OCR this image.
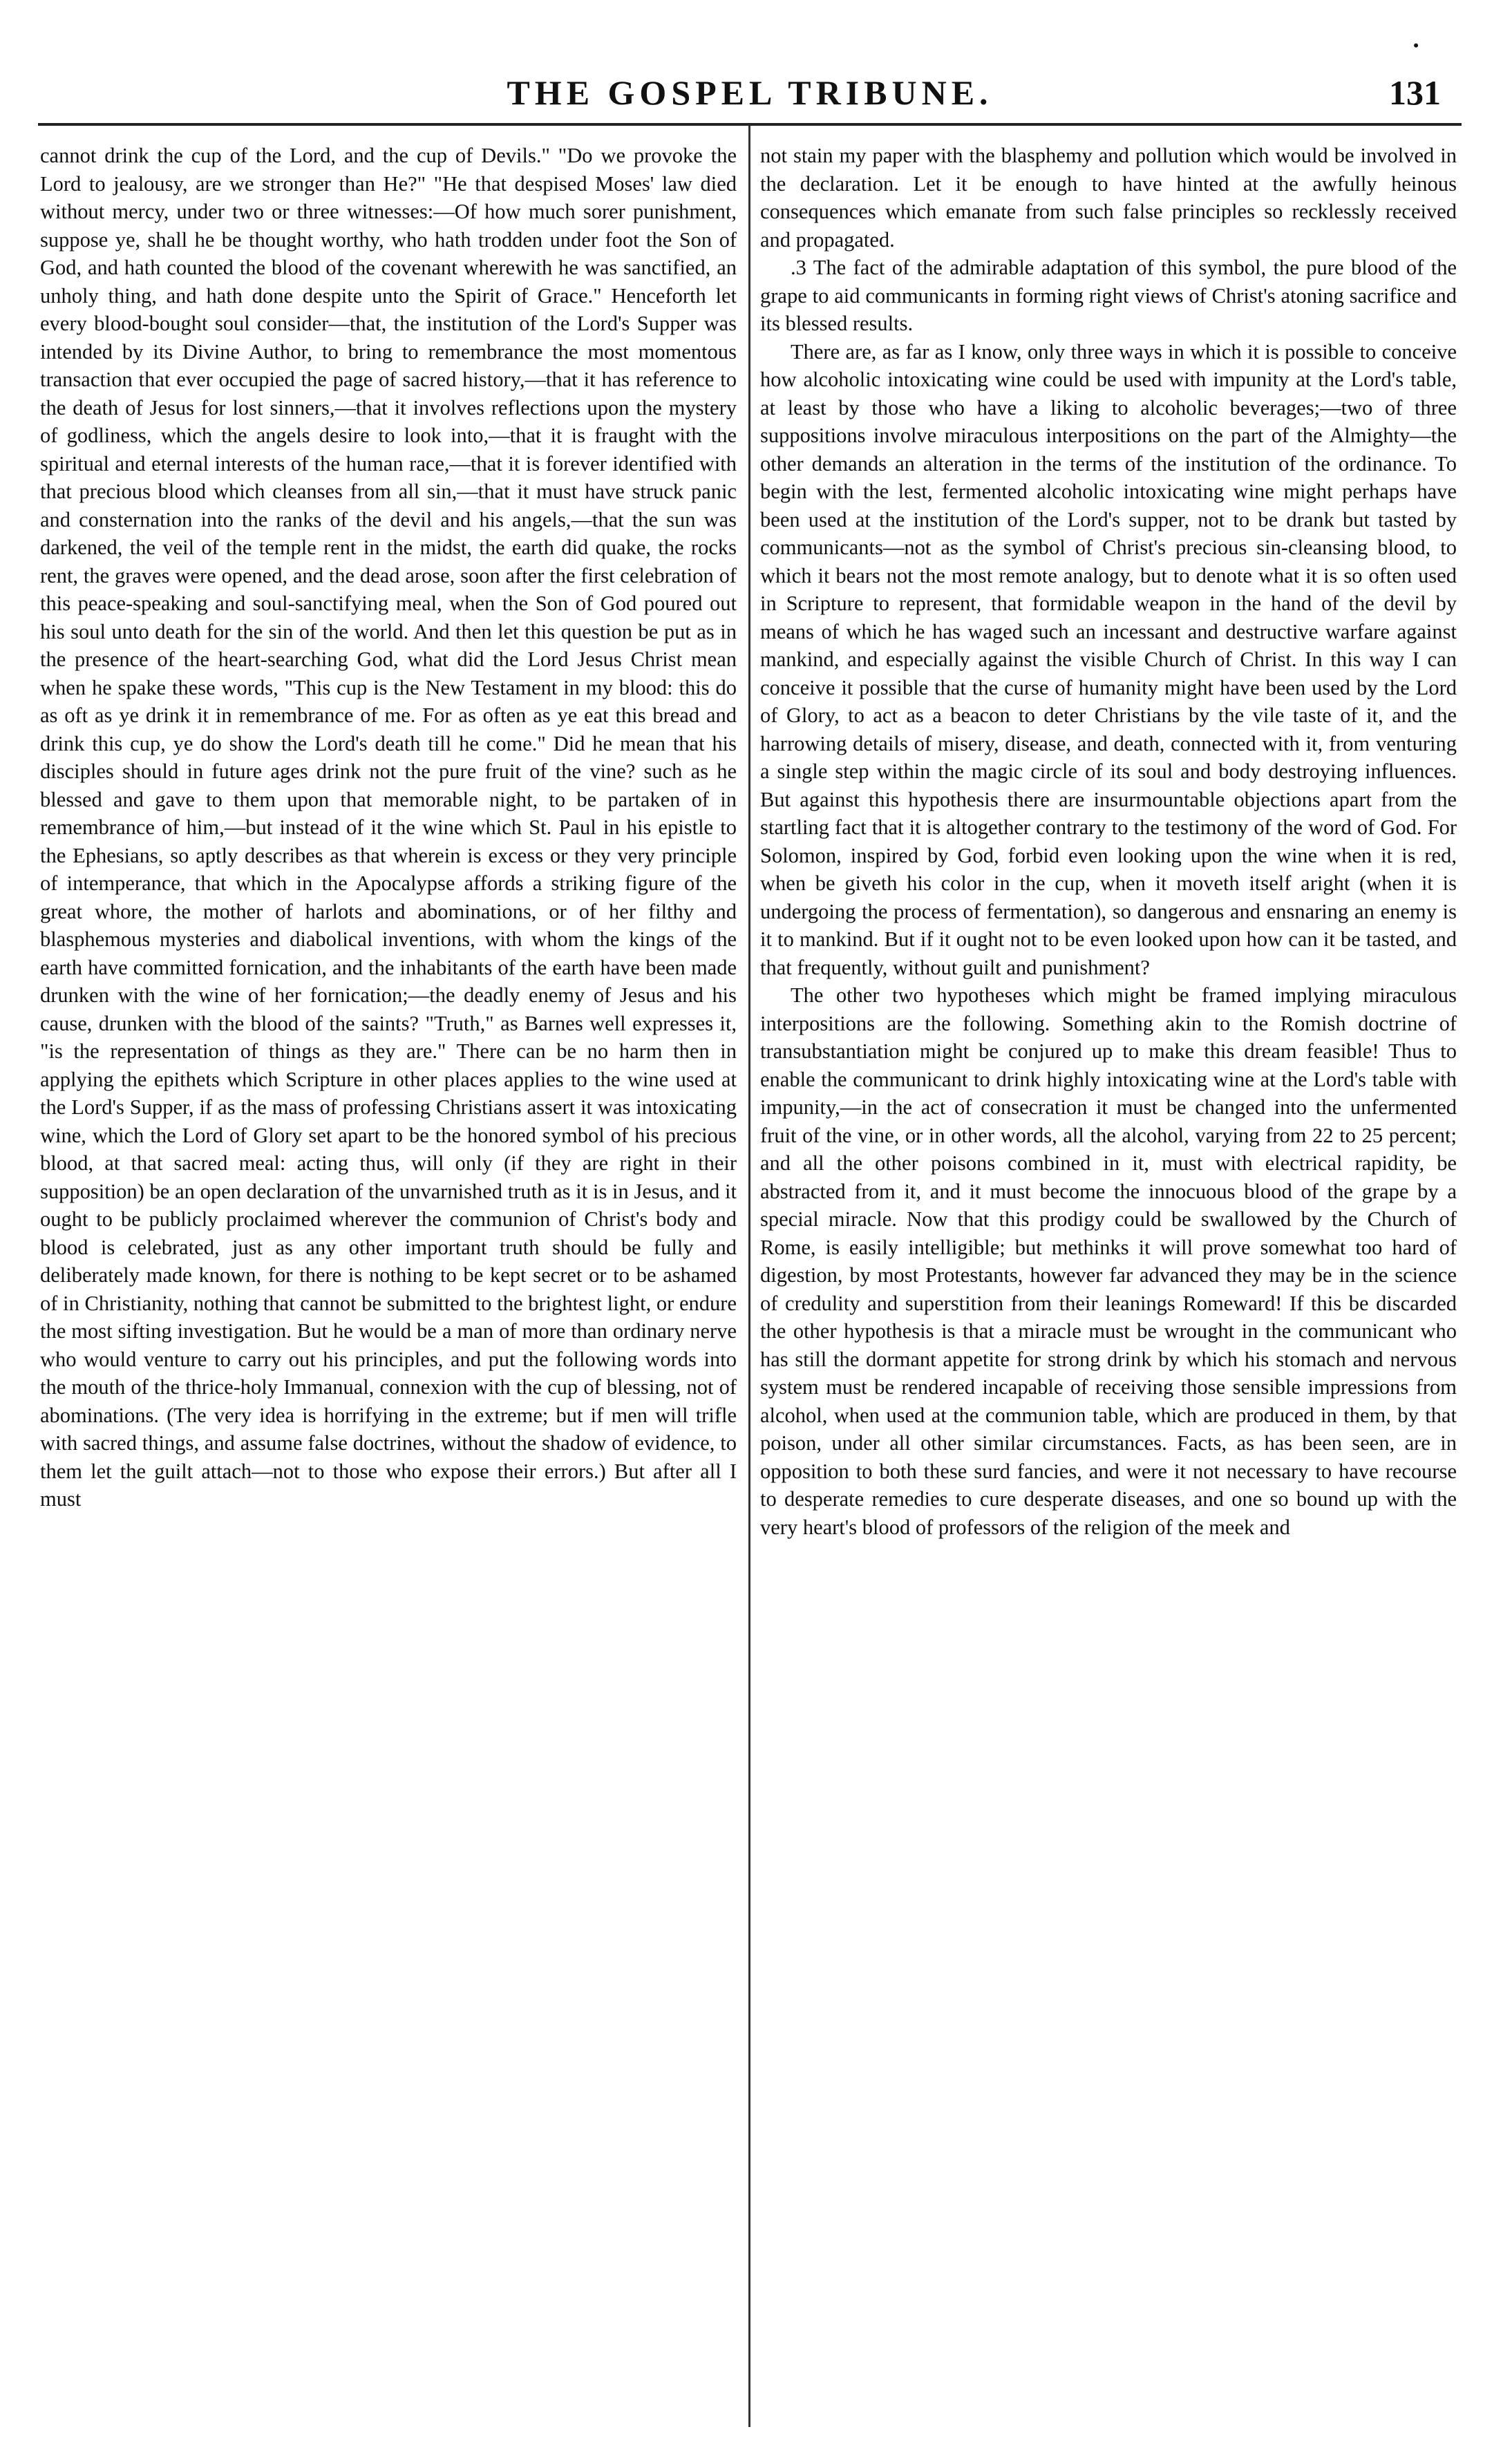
THE GOSPEL TRIBUNE.
•
131

cannot drink the cup of the Lord, and the cup of Devils." "Do we provoke the Lord to jealousy, are we stronger than He?" "He that despised Moses' law died without mercy, under two or three witnesses:—Of how much sorer punishment, suppose ye, shall he be thought worthy, who hath trodden under foot the Son of God, and hath counted the blood of the covenant wherewith he was sanctified, an unholy thing, and hath done despite unto the Spirit of Grace." Henceforth let every blood-bought soul consider—that, the institution of the Lord's Supper was intended by its Divine Author, to bring to remembrance the most momentous transaction that ever occupied the page of sacred history,—that it has reference to the death of Jesus for lost sinners,—that it involves reflections upon the mystery of godliness, which the angels desire to look into,—that it is fraught with the spiritual and eternal interests of the human race,—that it is forever identified with that precious blood which cleanses from all sin,—that it must have struck panic and consternation into the ranks of the devil and his angels,—that the sun was darkened, the veil of the temple rent in the midst, the earth did quake, the rocks rent, the graves were opened, and the dead arose, soon after the first celebration of this peace-speaking and soul-sanctifying meal, when the Son of God poured out his soul unto death for the sin of the world. And then let this question be put as in the presence of the heart-searching God, what did the Lord Jesus Christ mean when he spake these words, "This cup is the New Testament in my blood: this do as oft as ye drink it in remembrance of me. For as often as ye eat this bread and drink this cup, ye do show the Lord's death till he come." Did he mean that his disciples should in future ages drink not the pure fruit of the vine? such as he blessed and gave to them upon that memorable night, to be partaken of in remembrance of him,—but instead of it the wine which St. Paul in his epistle to the Ephesians, so aptly describes as that wherein is excess or they very principle of intemperance, that which in the Apocalypse affords a striking figure of the great whore, the mother of harlots and abominations, or of her filthy and blasphemous mysteries and diabolical inventions, with whom the kings of the earth have committed fornication, and the inhabitants of the earth have been made drunken with the wine of her fornication;—the deadly enemy of Jesus and his cause, drunken with the blood of the saints? "Truth," as Barnes well expresses it, "is the representation of things as they are." There can be no harm then in applying the epithets which Scripture in other places applies to the wine used at the Lord's Supper, if as the mass of professing Christians assert it was intoxicating wine, which the Lord of Glory set apart to be the honored symbol of his precious blood, at that sacred meal: acting thus, will only (if they are right in their supposition) be an open declaration of the unvarnished truth as it is in Jesus, and it ought to be publicly proclaimed wherever the communion of Christ's body and blood is celebrated, just as any other important truth should be fully and deliberately made known, for there is nothing to be kept secret or to be ashamed of in Christianity, nothing that cannot be submitted to the brightest light, or endure the most sifting investigation. But he would be a man of more than ordinary nerve who would venture to carry out his principles, and put the following words into the mouth of the thrice-holy Immanual, connexion with the cup of blessing, not of abominations. (The very idea is horrifying in the extreme; but if men will trifle with sacred things, and assume false doctrines, without the shadow of evidence, to them let the guilt attach—not to those who expose their errors.) But after all I must

not stain my paper with the blasphemy and pollution which would be involved in the declaration. Let it be enough to have hinted at the awfully heinous consequences which emanate from such false principles so recklessly received and propagated.

.3 The fact of the admirable adaptation of this symbol, the pure blood of the grape to aid communicants in forming right views of Christ's atoning sacrifice and its blessed results.

There are, as far as I know, only three ways in which it is possible to conceive how alcoholic intoxicating wine could be used with impunity at the Lord's table, at least by those who have a liking to alcoholic beverages;—two of three suppositions involve miraculous interpositions on the part of the Almighty—the other demands an alteration in the terms of the institution of the ordinance. To begin with the lest, fermented alcoholic intoxicating wine might perhaps have been used at the institution of the Lord's supper, not to be drank but tasted by communicants—not as the symbol of Christ's precious sin-cleansing blood, to which it bears not the most remote analogy, but to denote what it is so often used in Scripture to represent, that formidable weapon in the hand of the devil by means of which he has waged such an incessant and destructive warfare against mankind, and especially against the visible Church of Christ. In this way I can conceive it possible that the curse of humanity might have been used by the Lord of Glory, to act as a beacon to deter Christians by the vile taste of it, and the harrowing details of misery, disease, and death, connected with it, from venturing a single step within the magic circle of its soul and body destroying influences. But against this hypothesis there are insurmountable objections apart from the startling fact that it is altogether contrary to the testimony of the word of God. For Solomon, inspired by God, forbid even looking upon the wine when it is red, when be giveth his color in the cup, when it moveth itself aright (when it is undergoing the process of fermentation), so dangerous and ensnaring an enemy is it to mankind. But if it ought not to be even looked upon how can it be tasted, and that frequently, without guilt and punishment?

The other two hypotheses which might be framed implying miraculous interpositions are the following. Something akin to the Romish doctrine of transubstantiation might be conjured up to make this dream feasible! Thus to enable the communicant to drink highly intoxicating wine at the Lord's table with impunity,—in the act of consecration it must be changed into the unfermented fruit of the vine, or in other words, all the alcohol, varying from 22 to 25 percent; and all the other poisons combined in it, must with electrical rapidity, be abstracted from it, and it must become the innocuous blood of the grape by a special miracle. Now that this prodigy could be swallowed by the Church of Rome, is easily intelligible; but methinks it will prove somewhat too hard of digestion, by most Protestants, however far advanced they may be in the science of credulity and superstition from their leanings Romeward! If this be discarded the other hypothesis is that a miracle must be wrought in the communicant who has still the dormant appetite for strong drink by which his stomach and nervous system must be rendered incapable of receiving those sensible impressions from alcohol, when used at the communion table, which are produced in them, by that poison, under all other similar circumstances. Facts, as has been seen, are in opposition to both these surd fancies, and were it not necessary to have recourse to desperate remedies to cure desperate diseases, and one so bound up with the very heart's blood of professors of the religion of the meek and
